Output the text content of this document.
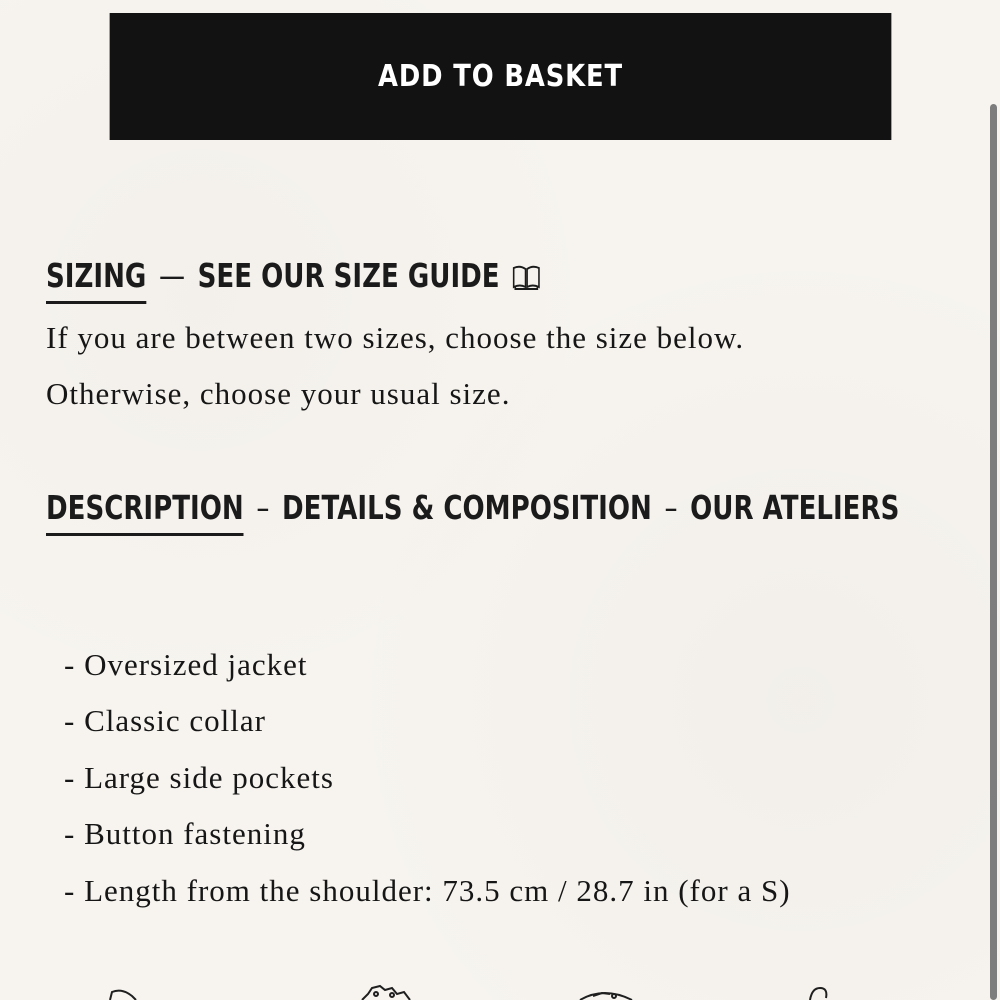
ADD TO BASKET
SIZING — SEE OUR SIZE GUIDE
If you are between two sizes, choose the size below.
Otherwise, choose your usual size.
DESCRIPTION – DETAILS & COMPOSITION – OUR ATELIERS
- Oversized jacket
- Classic collar
- Large side pockets
- Button fastening
- Length from the shoulder: 73.5 cm / 28.7 in (for a S)
